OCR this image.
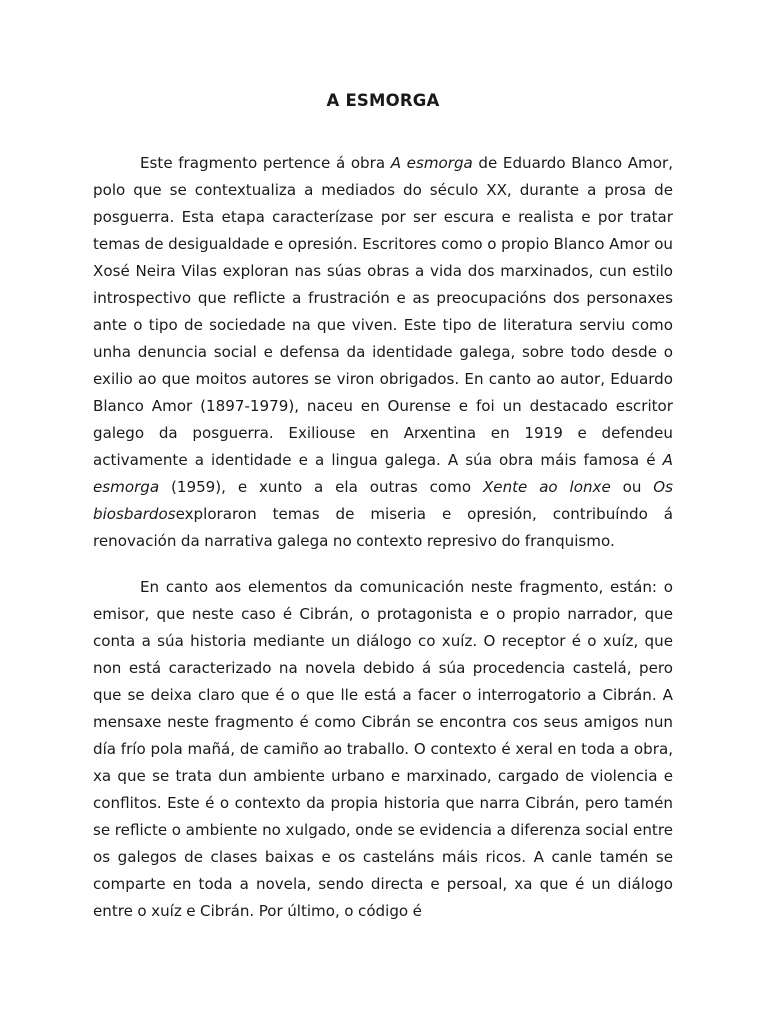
A ESMORGA

Este fragmento pertence á obra A esmorga de Eduardo Blanco Amor, polo que se contextualiza a mediados do século XX, durante a prosa de posguerra. Esta etapa caracterízase por ser escura e realista e por tratar temas de desigualdade e opresión. Escritores como o propio Blanco Amor ou Xosé Neira Vilas exploran nas súas obras a vida dos marxinados, cun estilo introspectivo que reflicte a frustración e as preocupacións dos personaxes ante o tipo de sociedade na que viven. Este tipo de literatura serviu como unha denuncia social e defensa da identidade galega, sobre todo desde o exilio ao que moitos autores se viron obrigados. En canto ao autor, Eduardo Blanco Amor (1897-1979), naceu en Ourense e foi un destacado escritor galego da posguerra. Exiliouse en Arxentina en 1919 e defendeu activamente a identidade e a lingua galega. A súa obra máis famosa é A esmorga (1959), e xunto a ela outras como Xente ao lonxe ou Os biosbardosexploraron temas de miseria e opresión, contribuíndo á renovación da narrativa galega no contexto represivo do franquismo.

En canto aos elementos da comunicación neste fragmento, están: o emisor, que neste caso é Cibrán, o protagonista e o propio narrador, que conta a súa historia mediante un diálogo co xuíz. O receptor é o xuíz, que non está caracterizado na novela debido á súa procedencia castelá, pero que se deixa claro que é o que lle está a facer o interrogatorio a Cibrán. A mensaxe neste fragmento é como Cibrán se encontra cos seus amigos nun día frío pola mañá, de camiño ao traballo. O contexto é xeral en toda a obra, xa que se trata dun ambiente urbano e marxinado, cargado de violencia e conflitos. Este é o contexto da propia historia que narra Cibrán, pero tamén se reflicte o ambiente no xulgado, onde se evidencia a diferenza social entre os galegos de clases baixas e os casteláns máis ricos. A canle tamén se comparte en toda a novela, sendo directa e persoal, xa que é un diálogo entre o xuíz e Cibrán. Por último, o código é
